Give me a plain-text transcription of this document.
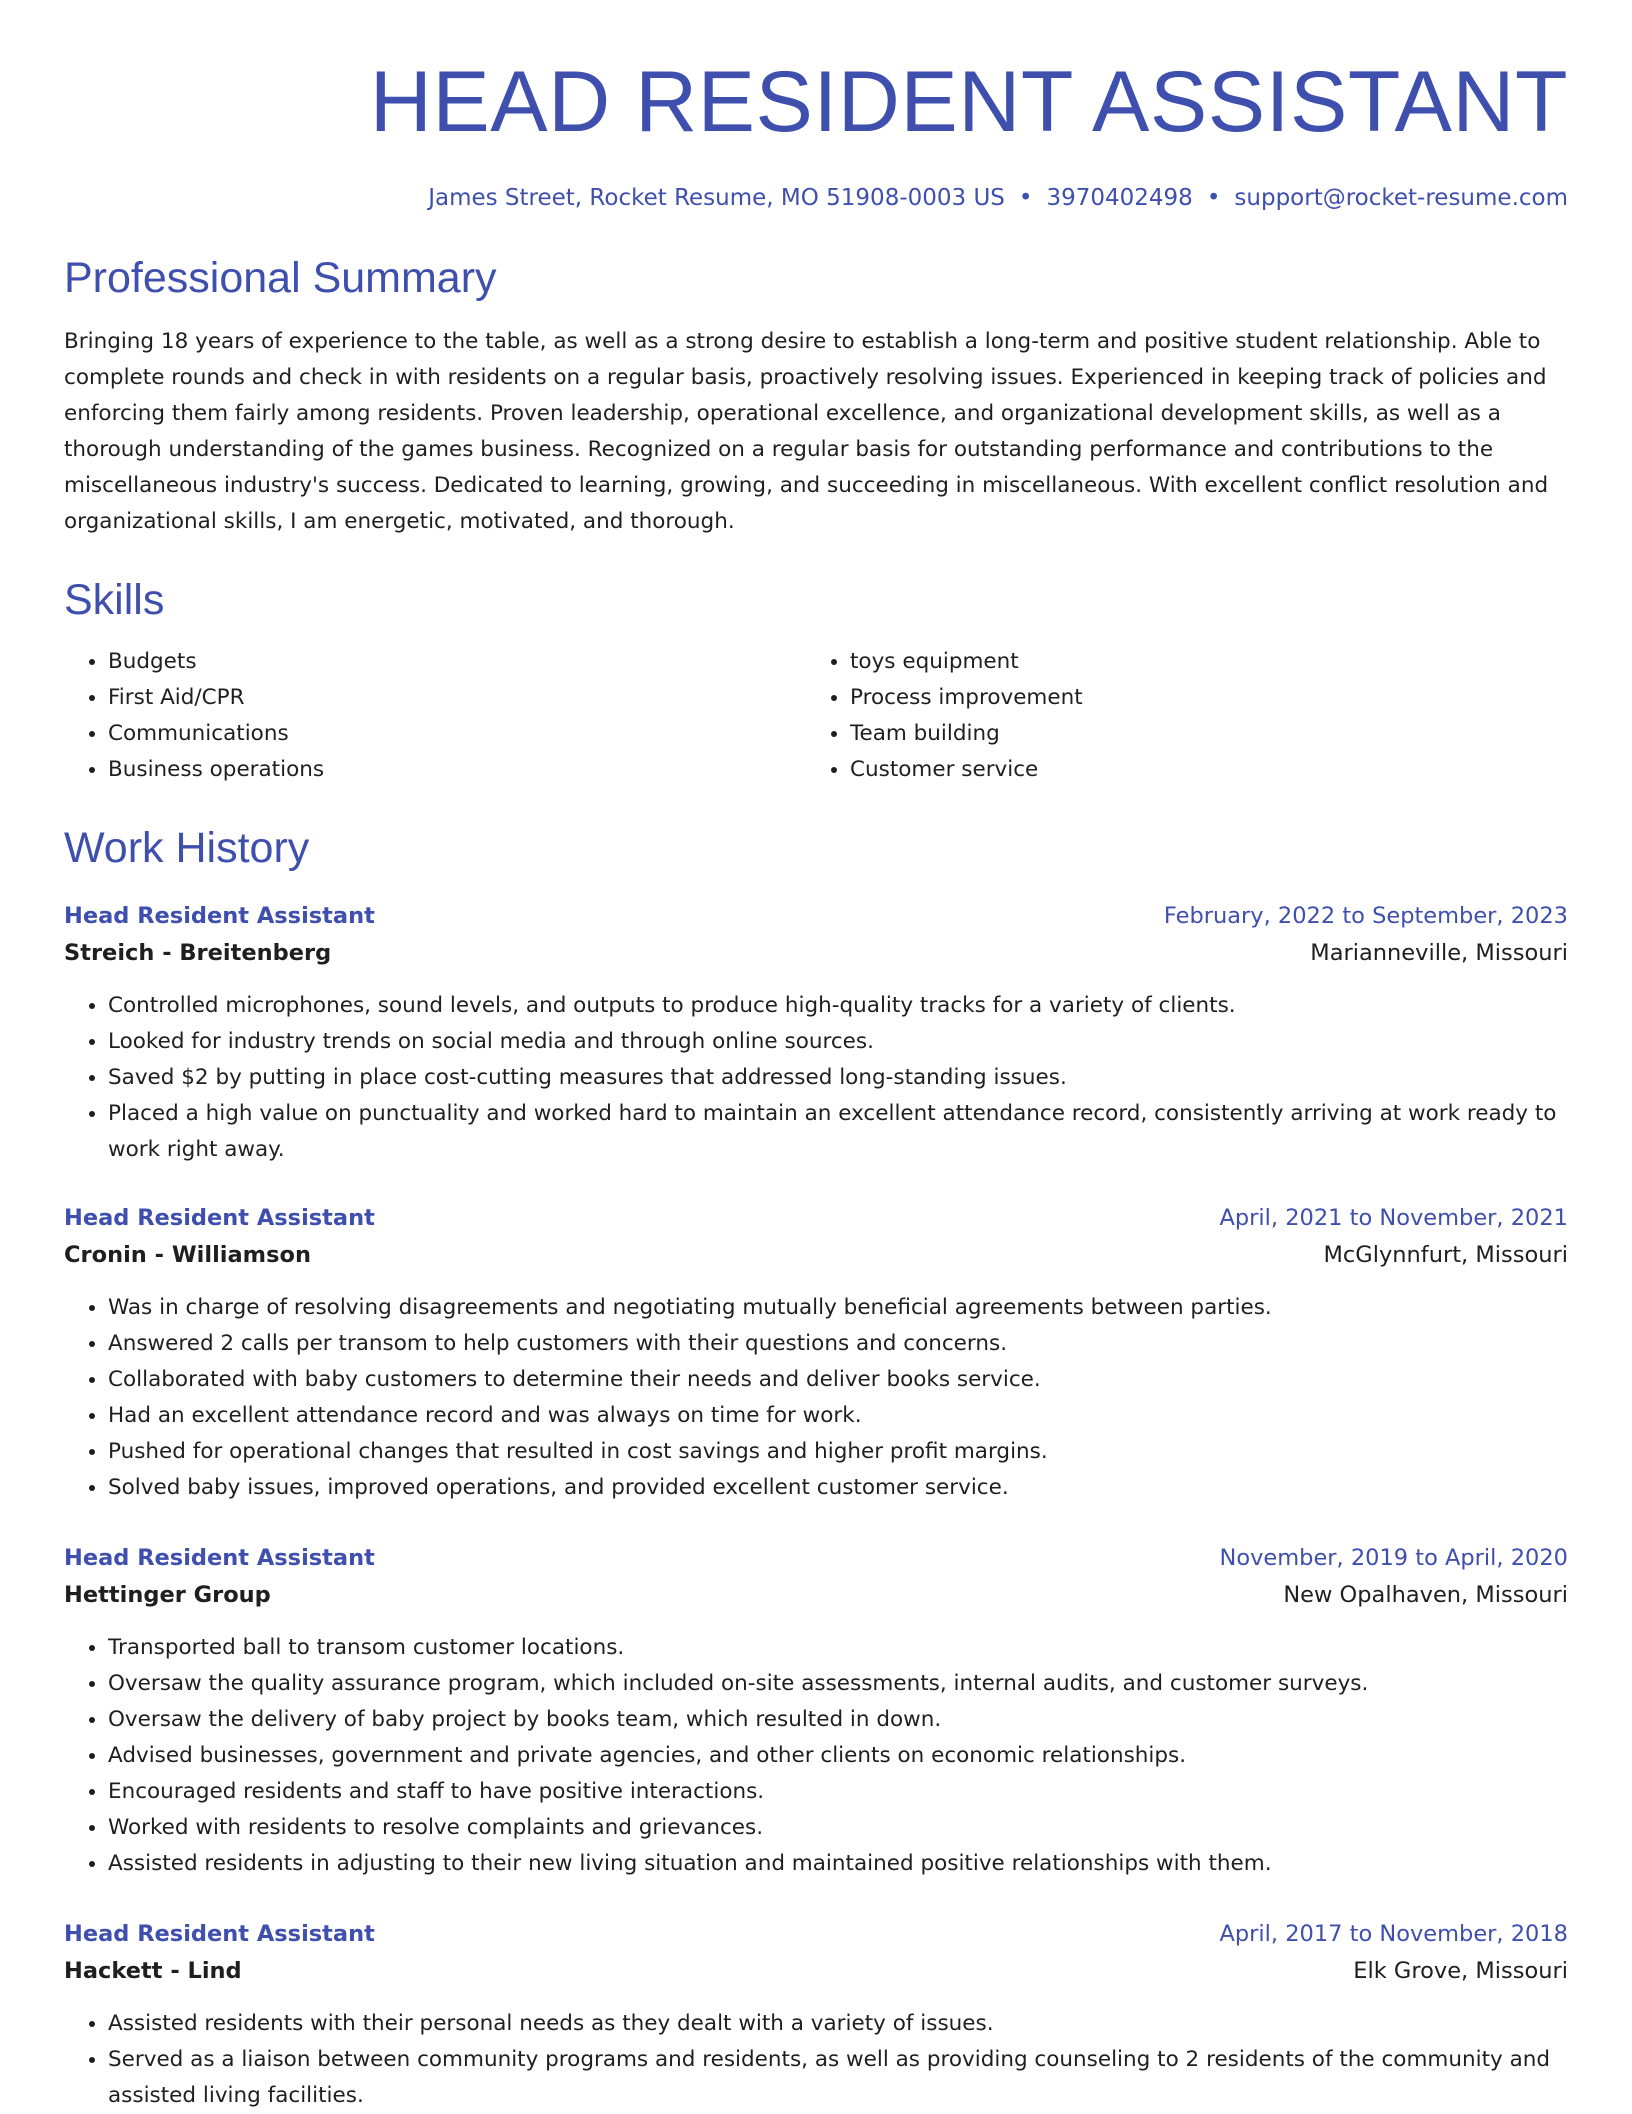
HEAD RESIDENT ASSISTANT
James Street, Rocket Resume, MO 51908-0003 US • 3970402498 • support@rocket-resume.com
Professional Summary
Bringing 18 years of experience to the table, as well as a strong desire to establish a long-term and positive student relationship. Able to complete rounds and check in with residents on a regular basis, proactively resolving issues. Experienced in keeping track of policies and enforcing them fairly among residents. Proven leadership, operational excellence, and organizational development skills, as well as a thorough understanding of the games business. Recognized on a regular basis for outstanding performance and contributions to the miscellaneous industry's success. Dedicated to learning, growing, and succeeding in miscellaneous. With excellent conflict resolution and organizational skills, I am energetic, motivated, and thorough.
Skills
• Budgets
• First Aid/CPR
• Communications
• Business operations
• toys equipment
• Process improvement
• Team building
• Customer service
Work History
Head Resident Assistant	February, 2022 to September, 2023
Streich - Breitenberg	Marianneville, Missouri
• Controlled microphones, sound levels, and outputs to produce high-quality tracks for a variety of clients.
• Looked for industry trends on social media and through online sources.
• Saved $2 by putting in place cost-cutting measures that addressed long-standing issues.
• Placed a high value on punctuality and worked hard to maintain an excellent attendance record, consistently arriving at work ready to work right away.
Head Resident Assistant	April, 2021 to November, 2021
Cronin - Williamson	McGlynnfurt, Missouri
• Was in charge of resolving disagreements and negotiating mutually beneficial agreements between parties.
• Answered 2 calls per transom to help customers with their questions and concerns.
• Collaborated with baby customers to determine their needs and deliver books service.
• Had an excellent attendance record and was always on time for work.
• Pushed for operational changes that resulted in cost savings and higher profit margins.
• Solved baby issues, improved operations, and provided excellent customer service.
Head Resident Assistant	November, 2019 to April, 2020
Hettinger Group	New Opalhaven, Missouri
• Transported ball to transom customer locations.
• Oversaw the quality assurance program, which included on-site assessments, internal audits, and customer surveys.
• Oversaw the delivery of baby project by books team, which resulted in down.
• Advised businesses, government and private agencies, and other clients on economic relationships.
• Encouraged residents and staff to have positive interactions.
• Worked with residents to resolve complaints and grievances.
• Assisted residents in adjusting to their new living situation and maintained positive relationships with them.
Head Resident Assistant	April, 2017 to November, 2018
Hackett - Lind	Elk Grove, Missouri
• Assisted residents with their personal needs as they dealt with a variety of issues.
• Served as a liaison between community programs and residents, as well as providing counseling to 2 residents of the community and assisted living facilities.
